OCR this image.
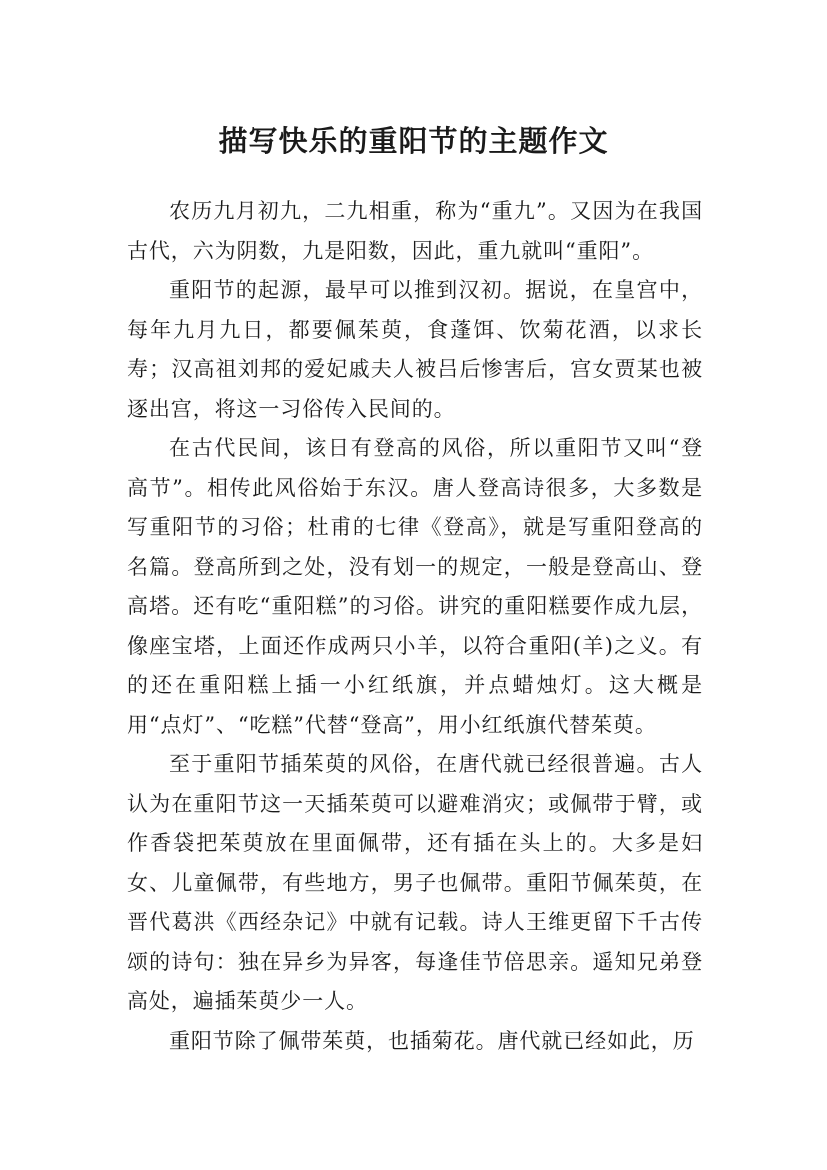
描写快乐的重阳节的主题作文

农历九月初九，二九相重，称为“重九”。又因为在我国古代，六为阴数，九是阳数，因此，重九就叫“重阳”。

重阳节的起源，最早可以推到汉初。据说，在皇宫中，每年九月九日，都要佩茱萸，食蓬饵、饮菊花酒，以求长寿；汉高祖刘邦的爱妃戚夫人被吕后惨害后，宫女贾某也被逐出宫，将这一习俗传入民间的。

在古代民间，该日有登高的风俗，所以重阳节又叫“登高节”。相传此风俗始于东汉。唐人登高诗很多，大多数是写重阳节的习俗；杜甫的七律《登高》，就是写重阳登高的名篇。登高所到之处，没有划一的规定，一般是登高山、登高塔。还有吃“重阳糕”的习俗。讲究的重阳糕要作成九层，像座宝塔，上面还作成两只小羊，以符合重阳(羊)之义。有的还在重阳糕上插一小红纸旗，并点蜡烛灯。这大概是用“点灯”、“吃糕”代替“登高”，用小红纸旗代替茱萸。

至于重阳节插茱萸的风俗，在唐代就已经很普遍。古人认为在重阳节这一天插茱萸可以避难消灾；或佩带于臂，或作香袋把茱萸放在里面佩带，还有插在头上的。大多是妇女、儿童佩带，有些地方，男子也佩带。重阳节佩茱萸，在晋代葛洪《西经杂记》中就有记载。诗人王维更留下千古传颂的诗句：独在异乡为异客，每逢佳节倍思亲。遥知兄弟登高处，遍插茱萸少一人。

重阳节除了佩带茱萸，也插菊花。唐代就已经如此，历
